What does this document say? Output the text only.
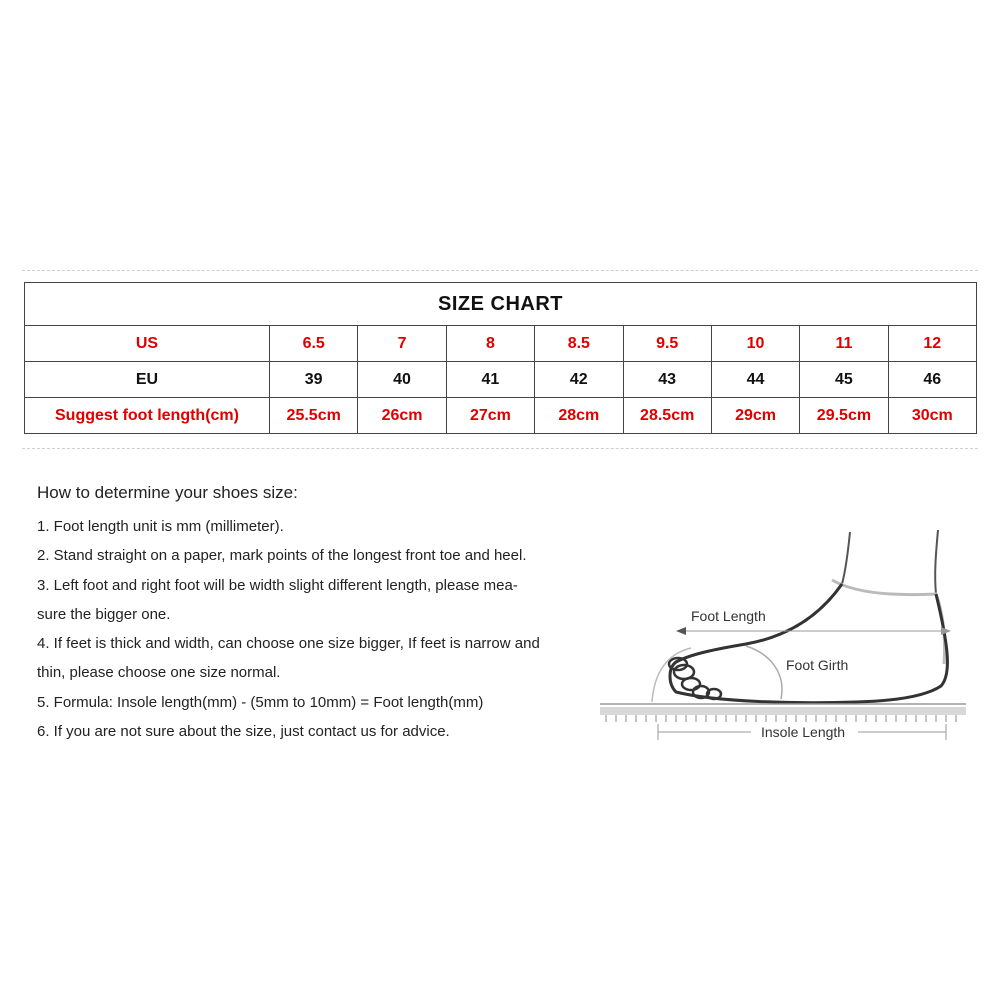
SIZE CHART								
US	6.5	7	8	8.5	9.5	10	11	12
EU	39	40	41	42	43	44	45	46
Suggest foot length(cm)	25.5cm	26cm	27cm	28cm	28.5cm	29cm	29.5cm	30cm
How to determine your shoes size:
1. Foot length unit is mm (millimeter).
2. Stand straight on a paper, mark points of the longest front toe and heel.
3. Left foot and right foot will be width slight different length, please mea-
sure the bigger one.
4. If feet is thick and width, can choose one size bigger, If feet is narrow and
thin, please choose one size normal.
5. Formula: Insole length(mm) - (5mm to 10mm) = Foot length(mm)
6. If you are not sure about the size, just contact us for advice.
Foot Length
Foot Girth
Insole Length
